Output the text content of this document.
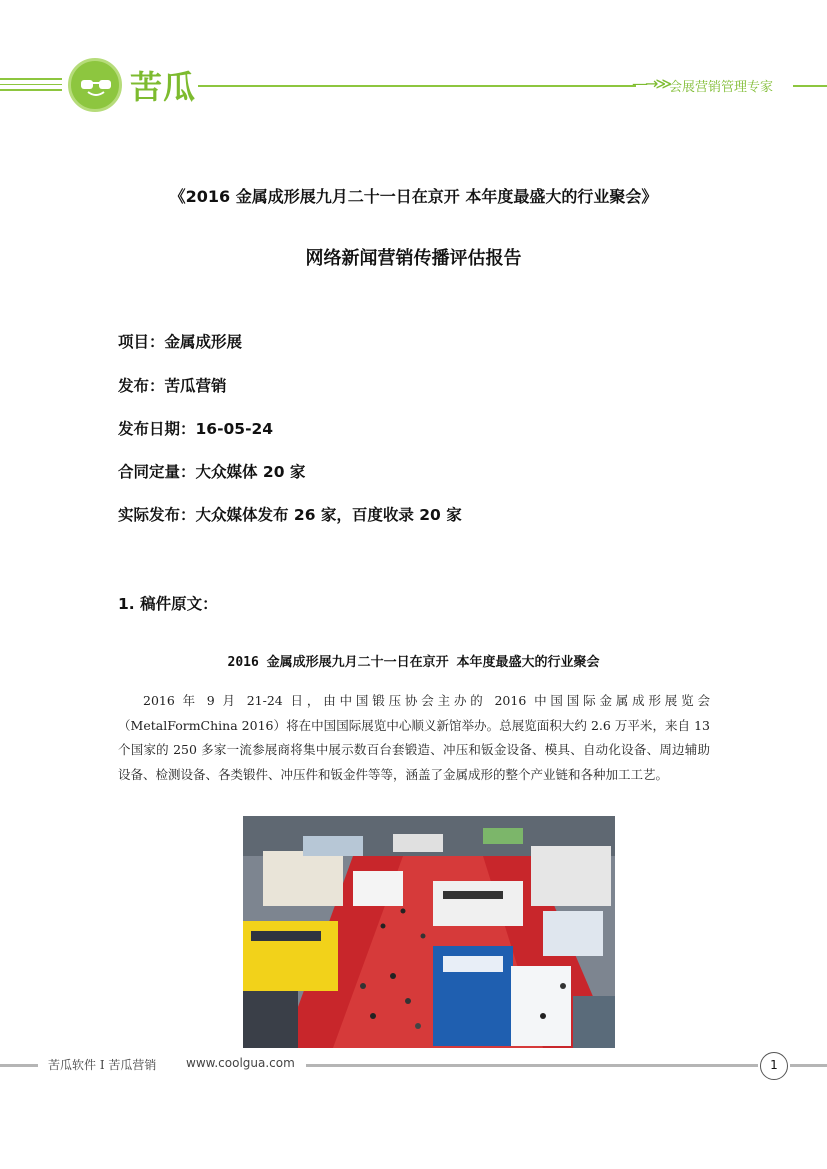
苦瓜	—→≫ 会展营销管理专家
《2016 金属成形展九月二十一日在京开 本年度最盛大的行业聚会》
网络新闻营销传播评估报告
项目：金属成形展
发布：苦瓜营销
发布日期：16-05-24
合同定量：大众媒体 20 家
实际发布：大众媒体发布 26 家，百度收录 20 家
1. 稿件原文：
2016 金属成形展九月二十一日在京开 本年度最盛大的行业聚会
2016 年 9 月 21-24 日，由中国锻压协会主办的 2016 中国国际金属成形展览会（MetalFormChina 2016）将在中国国际展览中心顺义新馆举办。总展览面积大约 2.6 万平米，来自 13 个国家的 250 多家一流参展商将集中展示数百台套锻造、冲压和钣金设备、模具、自动化设备、周边辅助设备、检测设备、各类锻件、冲压件和钣金件等等，涵盖了金属成形的整个产业链和各种加工工艺。
苦瓜软件 I 苦瓜营销 www.coolgua.com	1
